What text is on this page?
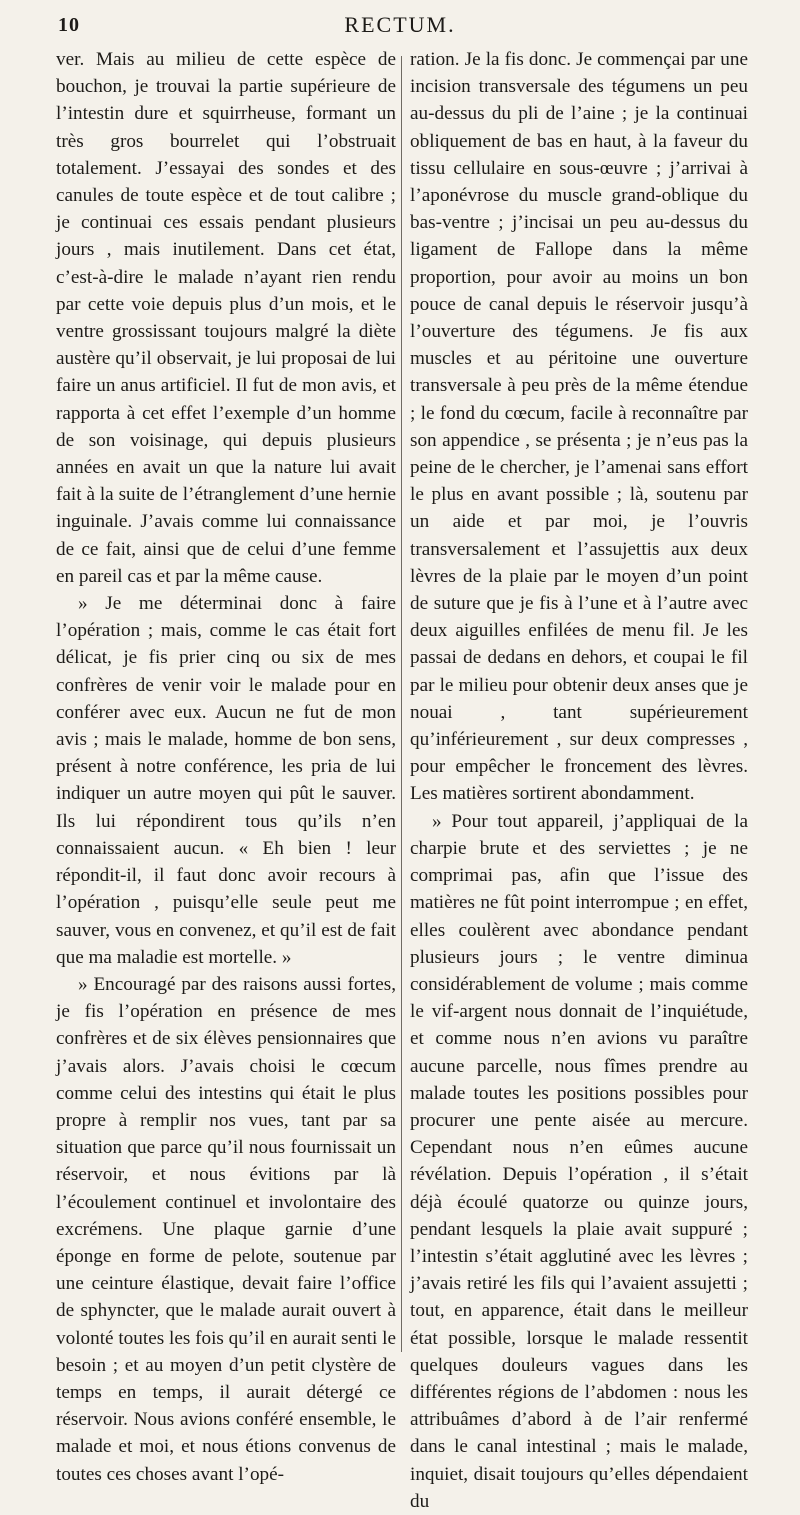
10	RECTUM.

ver. Mais au milieu de cette espèce de bouchon, je trouvai la partie supérieure de l’intestin dure et squirrheuse, formant un très gros bourrelet qui l’obstruait totalement. J’essayai des sondes et des canules de toute espèce et de tout calibre ; je continuai ces essais pendant plusieurs jours , mais inutilement. Dans cet état, c’est-à-dire le malade n’ayant rien rendu par cette voie depuis plus d’un mois, et le ventre grossissant toujours malgré la diète austère qu’il observait, je lui proposai de lui faire un anus artificiel. Il fut de mon avis, et rapporta à cet effet l’exemple d’un homme de son voisinage, qui depuis plusieurs années en avait un que la nature lui avait fait à la suite de l’étranglement d’une hernie inguinale. J’avais comme lui connaissance de ce fait, ainsi que de celui d’une femme en pareil cas et par la même cause.

» Je me déterminai donc à faire l’opération ; mais, comme le cas était fort délicat, je fis prier cinq ou six de mes confrères de venir voir le malade pour en conférer avec eux. Aucun ne fut de mon avis ; mais le malade, homme de bon sens, présent à notre conférence, les pria de lui indiquer un autre moyen qui pût le sauver. Ils lui répondirent tous qu’ils n’en connaissaient aucun. « Eh bien ! leur répondit-il, il faut donc avoir recours à l’opération , puisqu’elle seule peut me sauver, vous en convenez, et qu’il est de fait que ma maladie est mortelle. »

» Encouragé par des raisons aussi fortes, je fis l’opération en présence de mes confrères et de six élèves pensionnaires que j’avais alors. J’avais choisi le cœcum comme celui des intestins qui était le plus propre à remplir nos vues, tant par sa situation que parce qu’il nous fournissait un réservoir, et nous évitions par là l’écoulement continuel et involontaire des excrémens. Une plaque garnie d’une éponge en forme de pelote, soutenue par une ceinture élastique, devait faire l’office de sphyncter, que le malade aurait ouvert à volonté toutes les fois qu’il en aurait senti le besoin ; et au moyen d’un petit clystère de temps en temps, il aurait détergé ce réservoir. Nous avions conféré ensemble, le malade et moi, et nous étions convenus de toutes ces choses avant l’opé-

ration. Je la fis donc. Je commençai par une incision transversale des tégumens un peu au-dessus du pli de l’aine ; je la continuai obliquement de bas en haut, à la faveur du tissu cellulaire en sous-œuvre ; j’arrivai à l’aponévrose du muscle grand-oblique du bas-ventre ; j’incisai un peu au-dessus du ligament de Fallope dans la même proportion, pour avoir au moins un bon pouce de canal depuis le réservoir jusqu’à l’ouverture des tégumens. Je fis aux muscles et au péritoine une ouverture transversale à peu près de la même étendue ; le fond du cœcum, facile à reconnaître par son appendice , se présenta ; je n’eus pas la peine de le chercher, je l’amenai sans effort le plus en avant possible ; là, soutenu par un aide et par moi, je l’ouvris transversalement et l’assujettis aux deux lèvres de la plaie par le moyen d’un point de suture que je fis à l’une et à l’autre avec deux aiguilles enfilées de menu fil. Je les passai de dedans en dehors, et coupai le fil par le milieu pour obtenir deux anses que je nouai , tant supérieurement qu’inférieurement , sur deux compresses , pour empêcher le froncement des lèvres. Les matières sortirent abondamment.

» Pour tout appareil, j’appliquai de la charpie brute et des serviettes ; je ne comprimai pas, afin que l’issue des matières ne fût point interrompue ; en effet, elles coulèrent avec abondance pendant plusieurs jours ; le ventre diminua considérablement de volume ; mais comme le vif-argent nous donnait de l’inquiétude, et comme nous n’en avions vu paraître aucune parcelle, nous fîmes prendre au malade toutes les positions possibles pour procurer une pente aisée au mercure. Cependant nous n’en eûmes aucune révélation. Depuis l’opération , il s’était déjà écoulé quatorze ou quinze jours, pendant lesquels la plaie avait suppuré ; l’intestin s’était agglutiné avec les lèvres ; j’avais retiré les fils qui l’avaient assujetti ; tout, en apparence, était dans le meilleur état possible, lorsque le malade ressentit quelques douleurs vagues dans les différentes régions de l’abdomen : nous les attribuâmes d’abord à de l’air renfermé dans le canal intestinal ; mais le malade, inquiet, disait toujours qu’elles dépendaient du
